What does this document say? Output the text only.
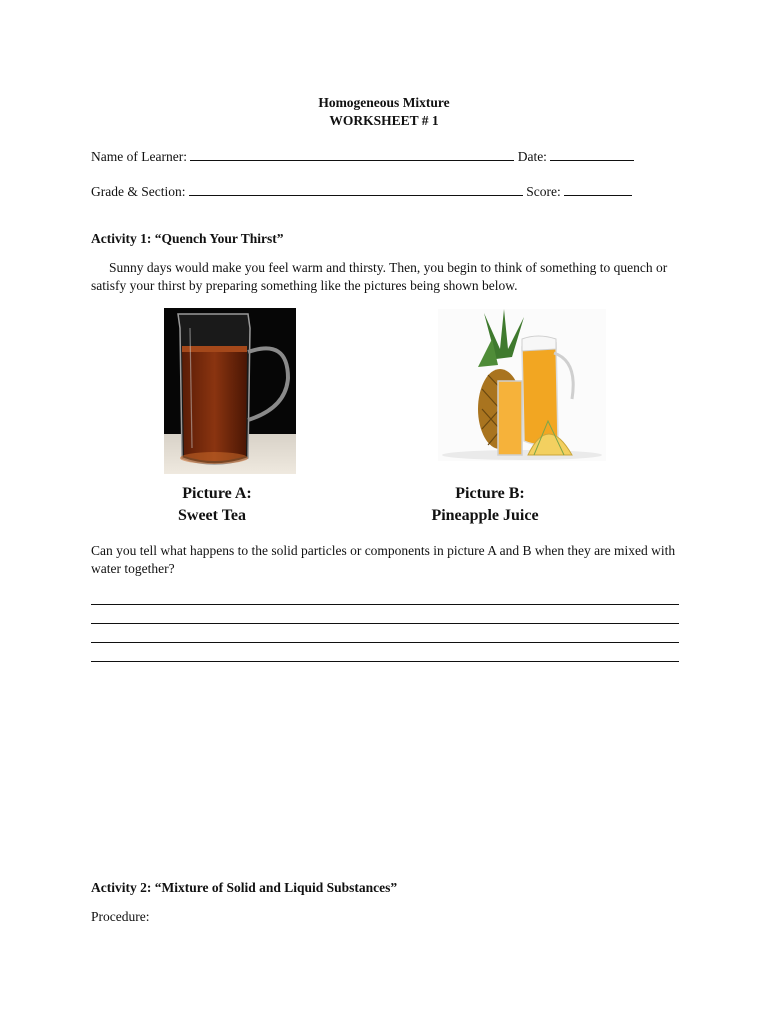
Homogeneous Mixture
WORKSHEET # 1
Name of Learner:	Date:
Grade & Section:	Score:
Activity 1: “Quench Your Thirst”
Sunny days would make you feel warm and thirsty. Then, you begin to think of something to quench or satisfy your thirst by preparing something like the pictures being shown below.
Picture A:
Sweet Tea
Picture B:
Pineapple Juice
Can you tell what happens to the solid particles or components in picture A and B when they are mixed with water together?
Activity 2: “Mixture of Solid and Liquid Substances”
Procedure:
